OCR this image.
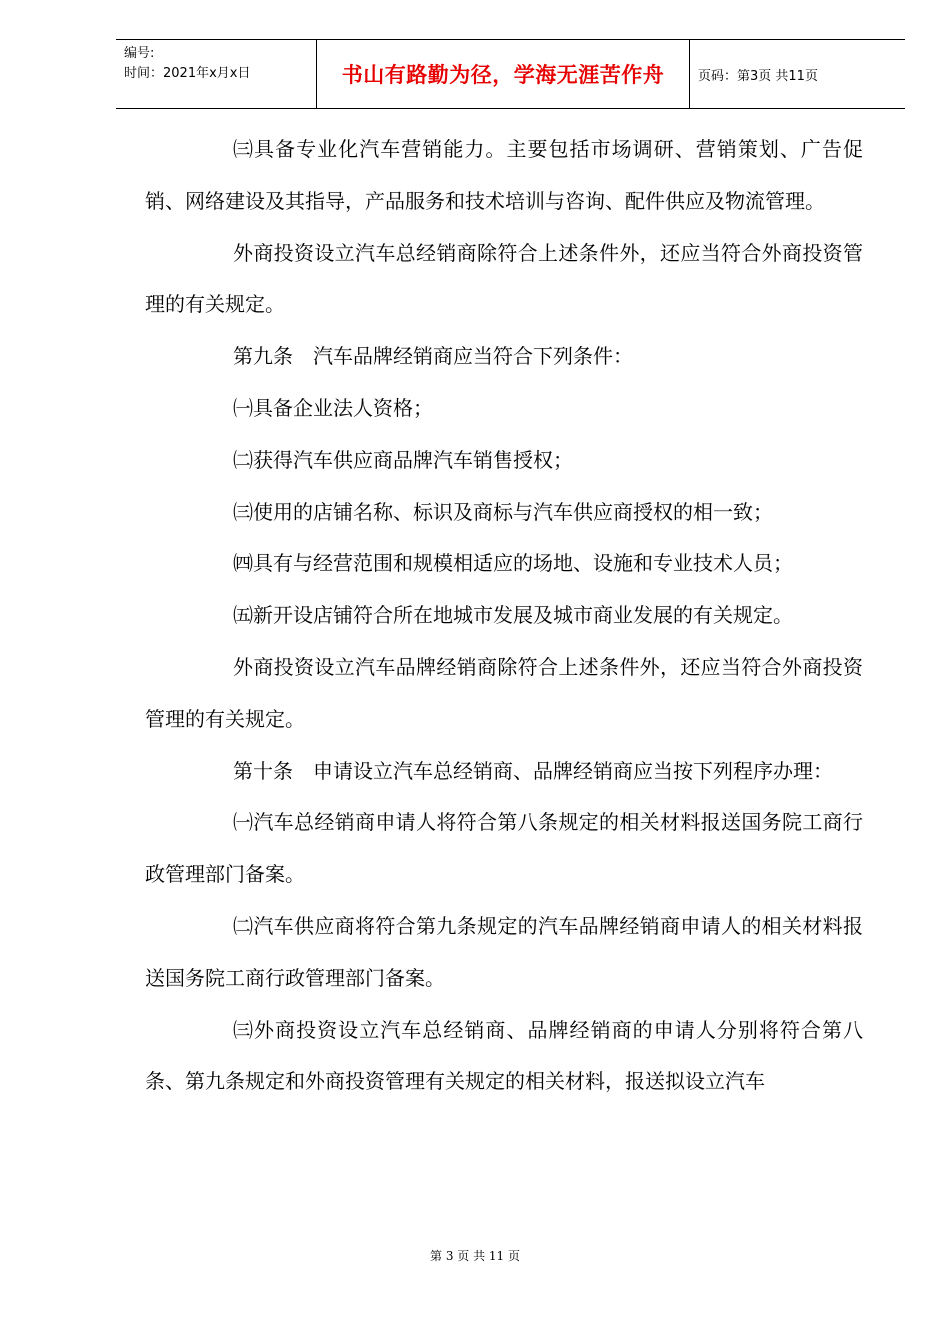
编号:
时间：2021年x月x日	书山有路勤为径，学海无涯苦作舟	页码：第3页 共11页

㈢具备专业化汽车营销能力。主要包括市场调研、营销策划、广告促销、网络建设及其指导，产品服务和技术培训与咨询、配件供应及物流管理。

外商投资设立汽车总经销商除符合上述条件外，还应当符合外商投资管理的有关规定。

第九条　汽车品牌经销商应当符合下列条件：

㈠具备企业法人资格；

㈡获得汽车供应商品牌汽车销售授权；

㈢使用的店铺名称、标识及商标与汽车供应商授权的相一致；

㈣具有与经营范围和规模相适应的场地、设施和专业技术人员；

㈤新开设店铺符合所在地城市发展及城市商业发展的有关规定。

外商投资设立汽车品牌经销商除符合上述条件外，还应当符合外商投资管理的有关规定。

第十条　申请设立汽车总经销商、品牌经销商应当按下列程序办理：

㈠汽车总经销商申请人将符合第八条规定的相关材料报送国务院工商行政管理部门备案。

㈡汽车供应商将符合第九条规定的汽车品牌经销商申请人的相关材料报送国务院工商行政管理部门备案。

㈢外商投资设立汽车总经销商、品牌经销商的申请人分别将符合第八条、第九条规定和外商投资管理有关规定的相关材料，报送拟设立汽车

第 3 页 共 11 页
